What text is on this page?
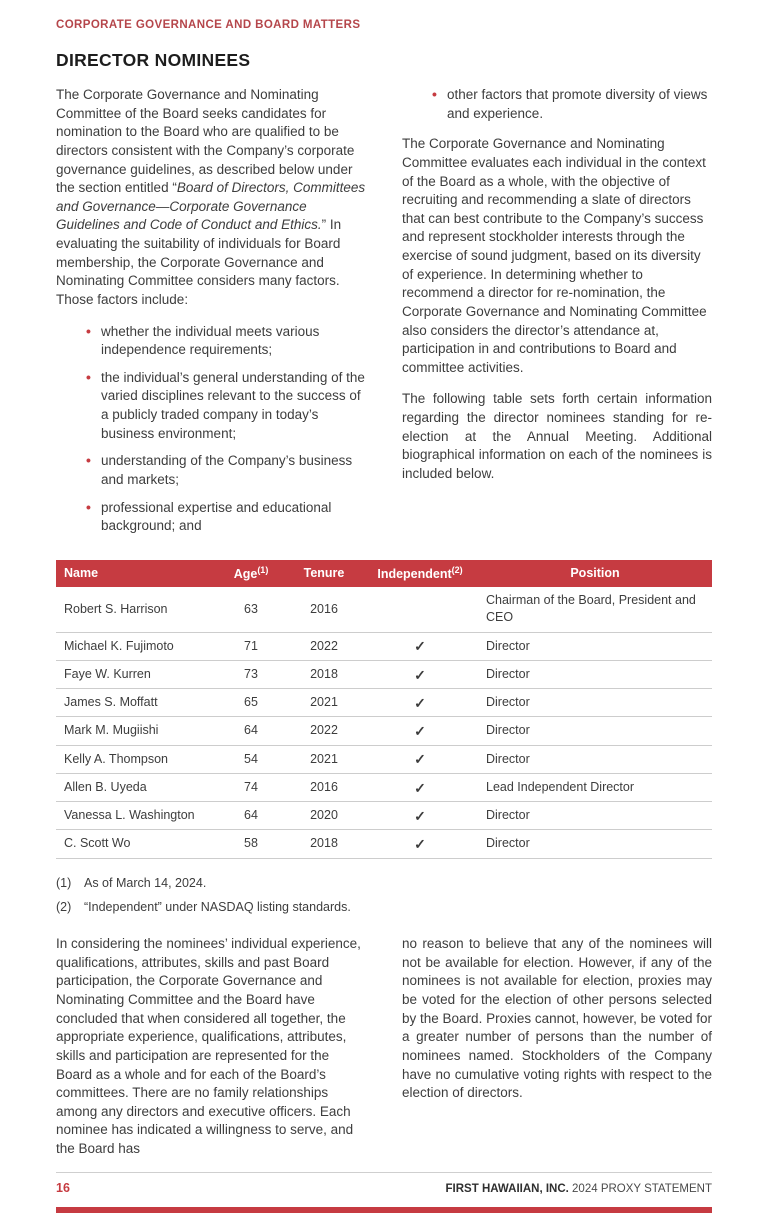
CORPORATE GOVERNANCE AND BOARD MATTERS
DIRECTOR NOMINEES

The Corporate Governance and Nominating Committee of the Board seeks candidates for nomination to the Board who are qualified to be directors consistent with the Company’s corporate governance guidelines, as described below under the section entitled “Board of Directors, Committees and Governance—Corporate Governance Guidelines and Code of Conduct and Ethics.” In evaluating the suitability of individuals for Board membership, the Corporate Governance and Nominating Committee considers many factors. Those factors include:

• whether the individual meets various independence requirements;
• the individual’s general understanding of the varied disciplines relevant to the success of a publicly traded company in today’s business environment;
• understanding of the Company’s business and markets;
• professional expertise and educational background; and
• other factors that promote diversity of views and experience.

The Corporate Governance and Nominating Committee evaluates each individual in the context of the Board as a whole, with the objective of recruiting and recommending a slate of directors that can best contribute to the Company’s success and represent stockholder interests through the exercise of sound judgment, based on its diversity of experience. In determining whether to recommend a director for re-nomination, the Corporate Governance and Nominating Committee also considers the director’s attendance at, participation in and contributions to Board and committee activities.

The following table sets forth certain information regarding the director nominees standing for re-election at the Annual Meeting. Additional biographical information on each of the nominees is included below.

Name	Age$^{(1)}$	Tenure	Independent$^{(2)}$	Position
Robert S. Harrison	63	2016		Chairman of the Board, President and CEO
Michael K. Fujimoto	71	2022	✓	Director
Faye W. Kurren	73	2018	✓	Director
James S. Moffatt	65	2021	✓	Director
Mark M. Mugiishi	64	2022	✓	Director
Kelly A. Thompson	54	2021	✓	Director
Allen B. Uyeda	74	2016	✓	Lead Independent Director
Vanessa L. Washington	64	2020	✓	Director
C. Scott Wo	58	2018	✓	Director
(1)	As of March 14, 2024.
(2)	“Independent” under NASDAQ listing standards.

In considering the nominees’ individual experience, qualifications, attributes, skills and past Board participation, the Corporate Governance and Nominating Committee and the Board have concluded that when considered all together, the appropriate experience, qualifications, attributes, skills and participation are represented for the Board as a whole and for each of the Board’s committees. There are no family relationships among any directors and executive officers. Each nominee has indicated a willingness to serve, and the Board has

no reason to believe that any of the nominees will not be available for election. However, if any of the nominees is not available for election, proxies may be voted for the election of other persons selected by the Board. Proxies cannot, however, be voted for a greater number of persons than the number of nominees named. Stockholders of the Company have no cumulative voting rights with respect to the election of directors.

16	FIRST HAWAIIAN, INC. 2024 PROXY STATEMENT
